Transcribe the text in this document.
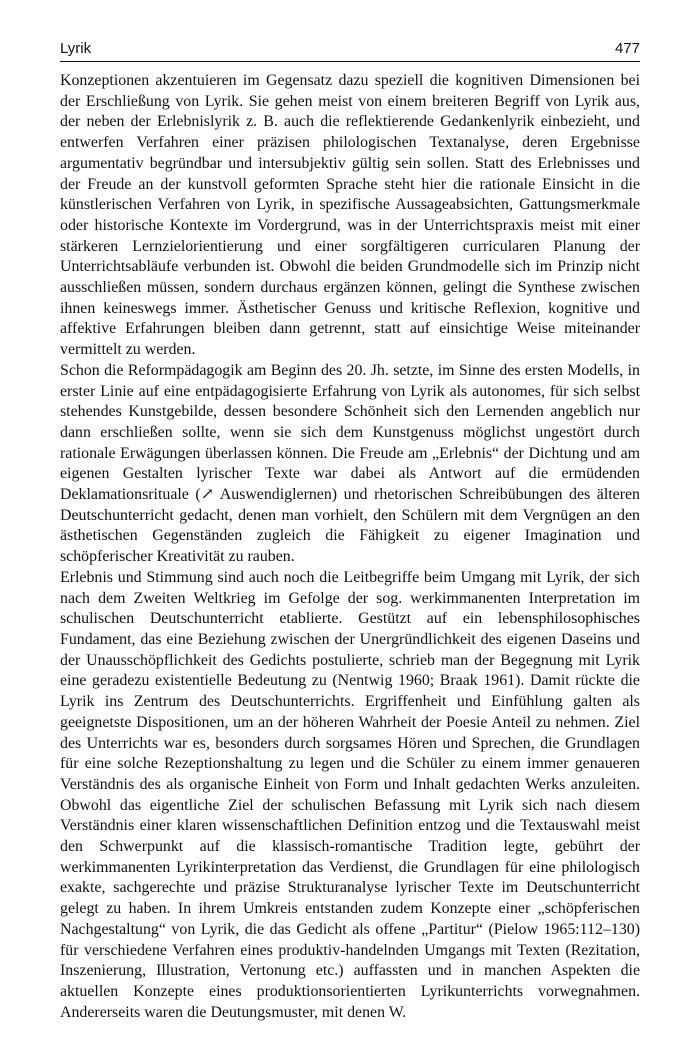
Lyrik	477

Konzeptionen akzentuieren im Gegensatz dazu speziell die kognitiven Dimensionen bei der Erschließung von Lyrik. Sie gehen meist von einem breiteren Begriff von Lyrik aus, der neben der Erlebnislyrik z. B. auch die reflektierende Gedankenlyrik einbezieht, und entwerfen Verfahren einer präzisen philologischen Textanalyse, deren Ergebnisse argumentativ begründbar und intersubjektiv gültig sein sollen. Statt des Erlebnisses und der Freude an der kunstvoll geformten Sprache steht hier die rationale Einsicht in die künstlerischen Verfahren von Lyrik, in spezifische Aussageabsichten, Gattungsmerkmale oder historische Kontexte im Vordergrund, was in der Unterrichtspraxis meist mit einer stärkeren Lernzielorientierung und einer sorgfältigeren curricularen Planung der Unterrichtsabläufe verbunden ist. Obwohl die beiden Grundmodelle sich im Prinzip nicht ausschließen müssen, sondern durchaus ergänzen können, gelingt die Synthese zwischen ihnen keineswegs immer. Ästhetischer Genuss und kritische Reflexion, kognitive und affektive Erfahrungen bleiben dann getrennt, statt auf einsichtige Weise miteinander vermittelt zu werden.

Schon die Reformpädagogik am Beginn des 20. Jh. setzte, im Sinne des ersten Modells, in erster Linie auf eine entpädagogisierte Erfahrung von Lyrik als autonomes, für sich selbst stehendes Kunstgebilde, dessen besondere Schönheit sich den Lernenden angeblich nur dann erschließen sollte, wenn sie sich dem Kunstgenuss möglichst ungestört durch rationale Erwägungen überlassen können. Die Freude am „Erlebnis“ der Dichtung und am eigenen Gestalten lyrischer Texte war dabei als Antwort auf die ermüdenden Deklamationsrituale (↗ Auswendiglernen) und rhetorischen Schreibübungen des älteren Deutschunterricht gedacht, denen man vorhielt, den Schülern mit dem Vergnügen an den ästhetischen Gegenständen zugleich die Fähigkeit zu eigener Imagination und schöpferischer Kreativität zu rauben.

Erlebnis und Stimmung sind auch noch die Leitbegriffe beim Umgang mit Lyrik, der sich nach dem Zweiten Weltkrieg im Gefolge der sog. werkimmanenten Interpretation im schulischen Deutschunterricht etablierte. Gestützt auf ein lebensphilosophisches Fundament, das eine Beziehung zwischen der Unergründlichkeit des eigenen Daseins und der Unausschöpflichkeit des Gedichts postulierte, schrieb man der Begegnung mit Lyrik eine geradezu existentielle Bedeutung zu (Nentwig 1960; Braak 1961). Damit rückte die Lyrik ins Zentrum des Deutschunterrichts. Ergriffenheit und Einfühlung galten als geeignetste Dispositionen, um an der höheren Wahrheit der Poesie Anteil zu nehmen. Ziel des Unterrichts war es, besonders durch sorgsames Hören und Sprechen, die Grundlagen für eine solche Rezeptionshaltung zu legen und die Schüler zu einem immer genaueren Verständnis des als organische Einheit von Form und Inhalt gedachten Werks anzuleiten. Obwohl das eigentliche Ziel der schulischen Befassung mit Lyrik sich nach diesem Verständnis einer klaren wissenschaftlichen Definition entzog und die Textauswahl meist den Schwerpunkt auf die klassisch-romantische Tradition legte, gebührt der werkimmanenten Lyrikinterpretation das Verdienst, die Grundlagen für eine philologisch exakte, sachgerechte und präzise Strukturanalyse lyrischer Texte im Deutschunterricht gelegt zu haben. In ihrem Umkreis entstanden zudem Konzepte einer „schöpferischen Nachgestaltung“ von Lyrik, die das Gedicht als offene „Partitur“ (Pielow 1965:112–130) für verschiedene Verfahren eines produktiv-handelnden Umgangs mit Texten (Rezitation, Inszenierung, Illustration, Vertonung etc.) auffassten und in manchen Aspekten die aktuellen Konzepte eines produktionsorientierten Lyrikunterrichts vorwegnahmen. Andererseits waren die Deutungsmuster, mit denen W.
